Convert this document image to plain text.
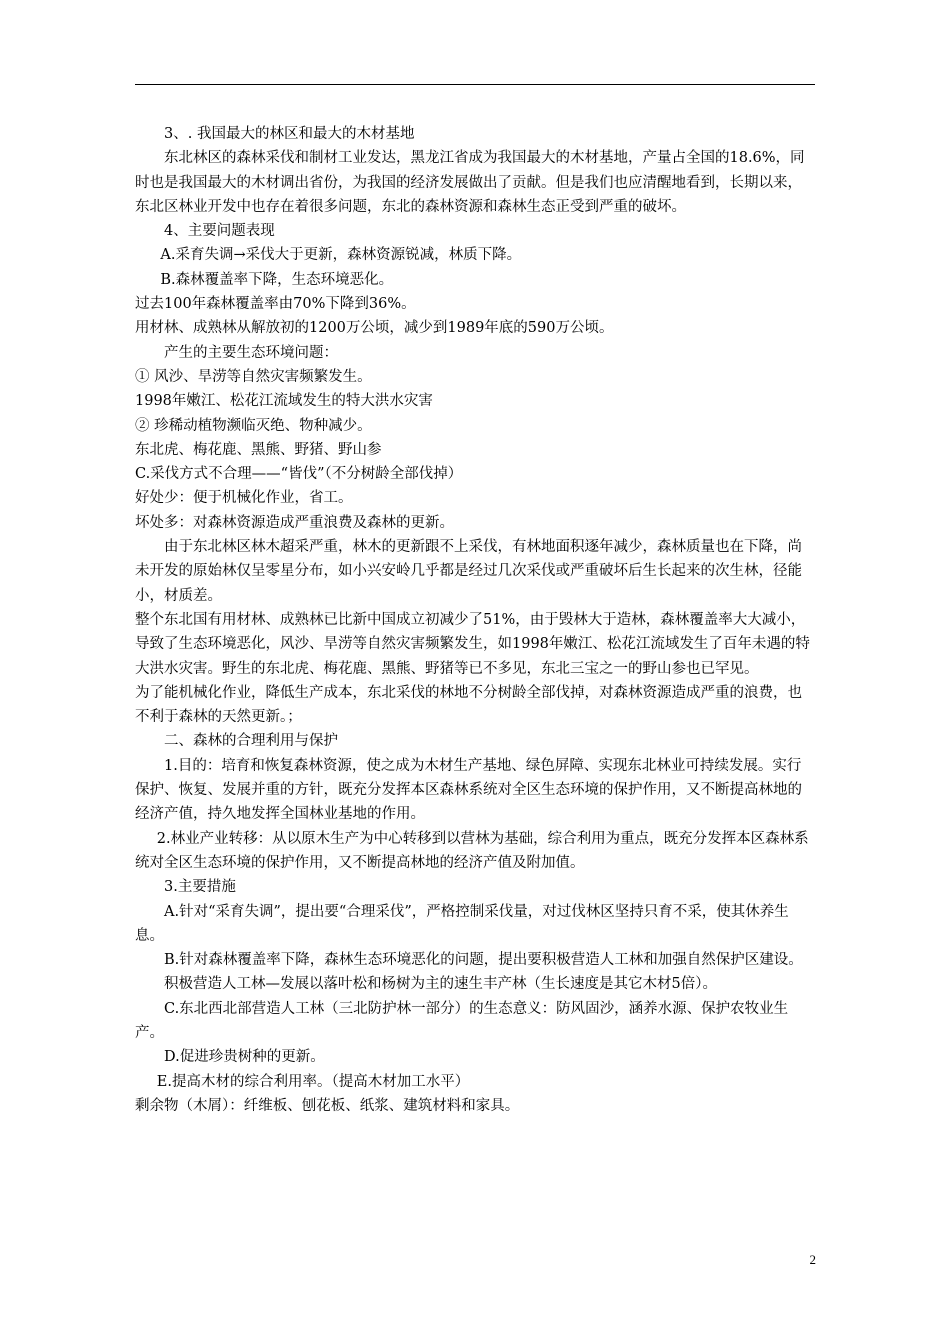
3、. 我国最大的林区和最大的木材基地

东北林区的森林采伐和制材工业发达，黑龙江省成为我国最大的木材基地，产量占全国的18.6%，同时也是我国最大的木材调出省份，为我国的经济发展做出了贡献。但是我们也应清醒地看到，长期以来，东北区林业开发中也存在着很多问题，东北的森林资源和森林生态正受到严重的破坏。

4、主要问题表现

A.采育失调→采伐大于更新，森林资源锐减，林质下降。

B.森林覆盖率下降，生态环境恶化。

过去100年森林覆盖率由70%下降到36%。

用材林、成熟林从解放初的1200万公顷，减少到1989年底的590万公顷。

产生的主要生态环境问题：

① 风沙、旱涝等自然灾害频繁发生。

1998年嫩江、松花江流域发生的特大洪水灾害

② 珍稀动植物濒临灭绝、物种减少。

东北虎、梅花鹿、黑熊、野猪、野山参

C.采伐方式不合理——“皆伐”（不分树龄全部伐掉）

好处少：便于机械化作业，省工。

坏处多：对森林资源造成严重浪费及森林的更新。

由于东北林区林木超采严重，林木的更新跟不上采伐，有林地面积逐年减少，森林质量也在下降，尚未开发的原始林仅呈零星分布，如小兴安岭几乎都是经过几次采伐或严重破坏后生长起来的次生林，径能小，材质差。

整个东北国有用材林、成熟林已比新中国成立初减少了51%，由于毁林大于造林，森林覆盖率大大减小，导致了生态环境恶化，风沙、旱涝等自然灾害频繁发生，如1998年嫩江、松花江流域发生了百年未遇的特大洪水灾害。野生的东北虎、梅花鹿、黑熊、野猪等已不多见，东北三宝之一的野山参也已罕见。

为了能机械化作业，降低生产成本，东北采伐的林地不分树龄全部伐掉，对森林资源造成严重的浪费，也不利于森林的天然更新。；

二、森林的合理利用与保护

1.目的：培育和恢复森林资源，使之成为木材生产基地、绿色屏障、实现东北林业可持续发展。实行保护、恢复、发展并重的方针，既充分发挥本区森林系统对全区生态环境的保护作用，又不断提高林地的经济产值，持久地发挥全国林业基地的作用。

2.林业产业转移：从以原木生产为中心转移到以营林为基础，综合利用为重点，既充分发挥本区森林系统对全区生态环境的保护作用，又不断提高林地的经济产值及附加值。

3.主要措施

A.针对“采育失调”，提出要“合理采伐”，严格控制采伐量，对过伐林区坚持只育不采，使其休养生息。

B.针对森林覆盖率下降，森林生态环境恶化的问题，提出要积极营造人工林和加强自然保护区建设。

积极营造人工林—发展以落叶松和杨树为主的速生丰产林（生长速度是其它木材5倍）。

C.东北西北部营造人工林（三北防护林一部分）的生态意义：防风固沙，涵养水源、保护农牧业生产。

D.促进珍贵树种的更新。

E.提高木材的综合利用率。（提高木材加工水平）

剩余物（木屑）：纤维板、刨花板、纸浆、建筑材料和家具。

2
